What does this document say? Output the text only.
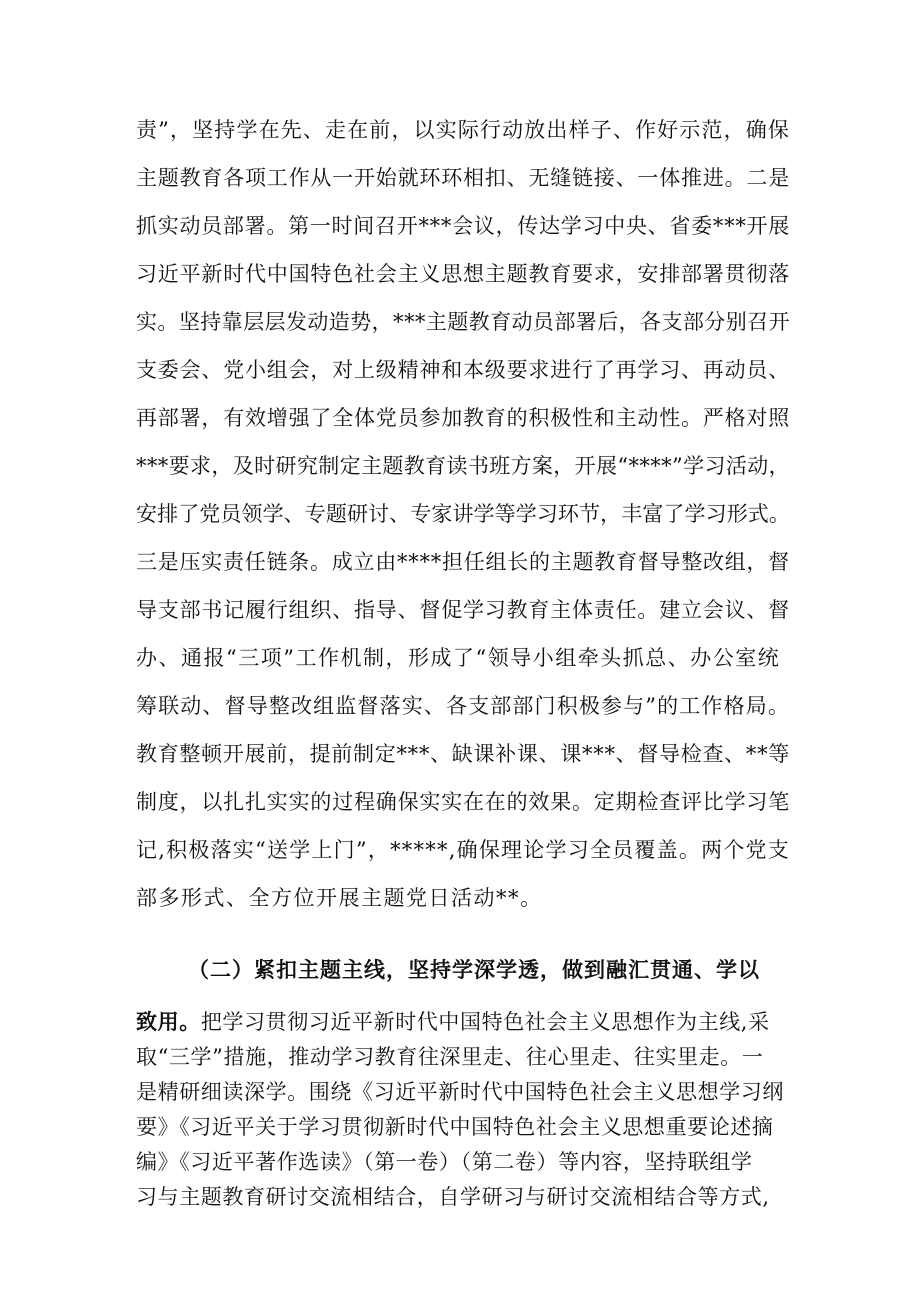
责”，坚持学在先、走在前，以实际行动放出样子、作好示范，确保
主题教育各项工作从一开始就环环相扣、无缝链接、一体推进。二是
抓实动员部署。第一时间召开***会议，传达学习中央、省委***开展
习近平新时代中国特色社会主义思想主题教育要求，安排部署贯彻落
实。坚持靠层层发动造势，***主题教育动员部署后，各支部分别召开
支委会、党小组会，对上级精神和本级要求进行了再学习、再动员、
再部署，有效增强了全体党员参加教育的积极性和主动性。严格对照
***要求，及时研究制定主题教育读书班方案，开展“****”学习活动，
安排了党员领学、专题研讨、专家讲学等学习环节，丰富了学习形式。
三是压实责任链条。成立由****担任组长的主题教育督导整改组，督
导支部书记履行组织、指导、督促学习教育主体责任。建立会议、督
办、通报“三项”工作机制，形成了“领导小组牵头抓总、办公室统
筹联动、督导整改组监督落实、各支部部门积极参与”的工作格局。
教育整顿开展前，提前制定***、缺课补课、课***、督导检查、**等
制度，以扎扎实实的过程确保实实在在的效果。定期检查评比学习笔
记,积极落实“送学上门”，*****,确保理论学习全员覆盖。两个党支
部多形式、全方位开展主题党日活动**。
（二）紧扣主题主线，坚持学深学透，做到融汇贯通、学以
致用。把学习贯彻习近平新时代中国特色社会主义思想作为主线,采
取“三学”措施，推动学习教育往深里走、往心里走、往实里走。一
是精研细读深学。围绕《习近平新时代中国特色社会主义思想学习纲
要》《习近平关于学习贯彻新时代中国特色社会主义思想重要论述摘
编》《习近平著作选读》（第一卷）（第二卷）等内容，坚持联组学
习与主题教育研讨交流相结合，自学研习与研讨交流相结合等方式,
